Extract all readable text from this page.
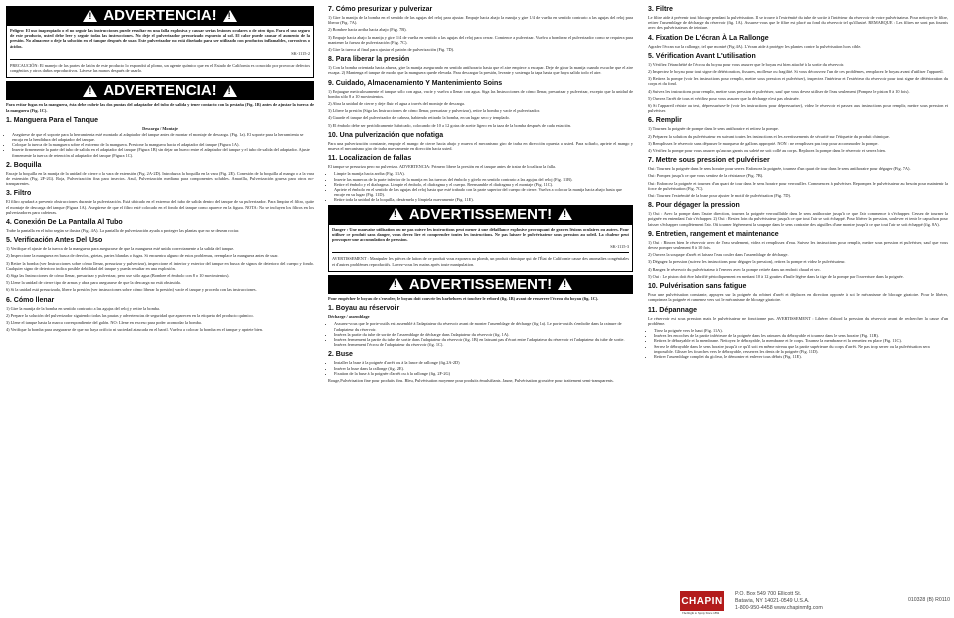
!
ADVERTENCIA!
!

Peligro: El uso inapropiado o el no seguir las instrucciones puede resultar en una falla explosiva y causar serias lesiones oculares o de otro tipo. Para el uso seguro de este producto, usted debe leer y seguir todas las instrucciones. No deje el pulverizador presurizado expuesto al sol. El calor puede causar el aumento de la presión. No almacene o deje la solución en el tanque después de usar. Este pulverizador no está diseñado para ser utilizado con productos inflamables, corrosivos o ácidos.

SK-1115-2

PRECAUCIÓN: El manejo de las partes de latón de este producto lo expondrá al plomo, un agente químico que en el Estado de California es conocido por provocar defectos congénitos y otros daños reproductivos. Lávese las manos después de usarlo.

!
ADVERTENCIA!
!

Para evitar fugas en la manguera, ésta debe cubrir las dos puntas del adaptador del tubo de salida y tener contacto con la pestaña (Fig. 1B) antes de ajustar la tuerca de la manguera (Fig. 1C).

1. Manguera Para el Tanque
Descarga / Montaje
• Asegúrese de que el soporte para la herramienta esté montado al adaptador del tanque antes de montar el montaje de descarga. (Fig. 1a). El soporte para la herramienta se encaja en la hendidura del adaptador del tanque.
• Coloque la tuerca de la manguera sobre el extremo de la manguera. Presione la manguera hacia el adaptador del tanque (Figura 1A).
• Inserte firmemente la parte del tubo de salida en el adaptador del tanque (Figura 1B) sin dejar un hueco entre el adaptador del tanque y el tubo de salida del adaptador. Ajuste firmemente la tuerca de retención al adaptador del tanque (Figura 1C).
2. Boquilla

Encaje la boquilla en la manija de la unidad de cierre o la vara de extensión (Fig. 2A-2D). Introduzca la boquilla en la vara (Fig. 2E). Conexión de la boquilla al mango o a la vara de extensión (Fig. 2F-2G). Roja, Pulverización fina para insectos. Azul, Pulverización mediana para componentes solubles. Amarilla, Pulverización gruesa para otros no-transparentes.

3. Filtro

El filtro ayudará a prevenir obstrucciones durante la pulverización. Está ubicado en el extremo del tubo de salida dentro del tanque de su pulverizador. Para limpiar el filtro, quite el montaje de descarga del tanque (Figura 1A). Asegúrese de que el filtro esté colocado en el fondo del tanque como aparece en la figura. NOTA: No se incluyen los filtros en los pulverizadores para cafeteras.

4. Conexión De La Pantalla Al Tubo

Trabe la pantalla en el tubo según se ilustra (Fig. 4A). La pantalla de pulverización ayuda a proteger las plantas que no se desean rociar.

5. Verificación Antes Del Uso

1) Verifique el ajuste de la tuerca de la manguera para asegurarse de que la manguera esté unida correctamente a la salida del tanque.

2) Inspeccione la manguera en busca de desvíos, grietas, partes blandas o fugas. Si encuentra alguno de estos problemas, reemplace la manguera antes de usar.

3) Retire la bomba (ver Instrucciones sobre cómo llenar, presurizar y pulverizar), inspeccione el interior y exterior del tanque en busca de signos de deterioro del cuerpo y fondo. Cualquier signo de deterioro indica posible debilidad del tanque y pueda resultar en una explosión.

4) Siga las Instrucciones de cómo llenar, presurizar y pulverizar, pero use sólo agua (Bombee el émbolo con 8 o 10 movimientos).

5) Llene la unidad de cierre tipo de armas y abra para asegurarse de que la descarga no está obstruida.

6) Si la unidad está presurizada, libere la presión (ver instrucciones sobre cómo liberar la presión) vacíe el tanque y proceda con las instrucciones.

6. Cómo llenar

1) Gire la manija de la bomba en sentido contrario a las agujas del reloj y retire la bomba.

2) Prepare la solución del pulverizador siguiendo todas las pautas y advertencias de seguridad que aparecen en la etiqueta del producto químico.

3) Llene el tanque hasta la marca correspondiente del galón. NO: Llene en exceso para poder acomodar la bomba.

4) Verifique la bomba para asegurarse de que no haya orificio ni suciedad atascada en el barril. Vuelva a colocar la bomba en el tanque y apriete bien.

7. Cómo presurizar y pulverizar

1) Gire la manija de la bomba en el sentido de las agujas del reloj para ajustar. Empuje hacia abajo la manija y gire 1/4 de vuelta en sentido contrario a las agujas del reloj para liberar (Fig. 7A).

2) Bombee hacia arriba hacia abajo (Fig. 7B).

3) Empuje hacia abajo la manija y gire 1/4 de vuelta en sentido a las agujas del reloj para cerrar. Comience a pulverizar. Vuelva a bombear el pulverizador como se requiera para mantener la fuerza de pulverización (Fig. 7C).

4) Gire la tuerca al final para ajustar el patrón de pulverización (Fig. 7D).

8. Para liberar la presión

1) Con la bomba orientada hacia afuera, gire la manija asegurando en sentido antihorario hasta que el aire empiece a escapar. Deje de girar la manija cuando escuche que el aire escapa. 2) Mantenga el tanque de modo que la manguera quede elevada. Para descargar la presión, levante y sostenga la tapa hasta que haya salido todo el aire.

9. Cuidado, Almacenamiento Y Mantenimiento Soins

1) Enjuague meticulosamente el tanque sólo con agua, vacíe y vuelva a llenar con agua. Siga las Instrucciones de cómo llenar, presurizar y pulverizar, excepto que la unidad de bomba sólo 8 a 10 movimientos.

2) Abra la unidad de cierre y deje fluir el agua a través del montaje de descarga.

3) Libere la presión (Siga las Instrucciones de cómo llenar, presurizar y pulverizar), retire la bomba y vacíe el pulverizador.

4) Guarde el tanque del pulverizador de cabeza, habiendo retirado la bomba, en un lugar seco y templado.

5) El émbolo debe ser periódicamente lubricado, colocando de 10 a 12 gotas de aceite ligero en la taza de la bomba después de cada estación.

10. Una pulverización que nofatiga

Para una pulverización constante, empuje el mango de cierre hacia abajo y mueva el mecanismo giro de traba en dirección opuesta a usted. Para soltarlo, apriete el mango y mueva el mecanismo giro de traba nuevamente en dirección hacia usted.

11. Localizacion de fallas

El tanque se presuriza pero no pulveriza. ADVERTENCIA: Primero libere la presión en el tanque antes de tratar de localizar la falla.

• Limpie la manija hacia arriba (Fig. 11A).
• Inserte las manecas de la parte inferior de la manija en las tuercas del émbolo y gírelo en sentido contrario a las agujas del reloj (Fig. 11B).
• Retire el émbolo y el diafragma. Limpie el émbolo, el diafragma y el cuerpo. Reensamble el diafragma y el montaje (Fig. 11C).
• Apriete el émbolo en el sentido de las agujas del reloj hasta que esté trabado con la parte superior del cuerpo de cierre. Vuelva a colocar la manija hacia abajo hasta que encaje en su lugar (Fig. 11D).
• Retire toda la unidad de la boquilla, desármela y límpiela nuevamente (Fig. 11E).
!
ADVERTISSEMENT!
!

Danger : Une mauvaise utilisation ou ne pas suivre les instructions peut mener à une défaillance explosive provoquant de graves lésions oculaires ou autres. Pour utiliser ce produit sans danger, vous devez lire et comprendre toutes les instructions. Ne pas laisser le pulvérisateur sous pression au soleil. La chaleur peut provoquer une accumulation de pression.

SK-1115-3

AVERTISSEMENT : Manipuler les pièces de laiton de ce produit vous exposera au plomb, un produit chimique qui de l'État de Californie cause des anomalies congénitales et d'autres problèmes reproductifs. Lavez-vous les mains après toute manipulation.

!
ADVERTISSEMENT!
!

Pour empêcher le boyau de s'envoler, le boyau doit couvrir les barbelures et toucher le rebord (fig. 1B) avant de resserrer l'écrou du boyau (fig. 1C).

1. Boyau au réservoir
Décharge / assemblage
• Assurez-vous que le porte-outils est assemblé à l'adaptateur du réservoir avant de monter l'assemblage de décharge (fig 1a). Le porte-outils s'emboîte dans la rainure de l'adaptateur du réservoir.
• Insérez la partie du tube de sortie de l'assemblage de décharge dans l'adaptateur du réservoir (fig. 1A).
• Insérez fermement la partie du tube de sortie dans l'adaptateur du réservoir (fig. 1B) en laissant pas d'écart entre l'adaptateur du réservoir et l'adaptateur du tube de sortie. Insérez fermement l'écrou de l'adaptateur du réservoir (fig. 1C).
2. Buse
• Installer la buse à la poignée d'arrêt ou à la lance de rallonge (fig.2A-2D)
• Insérer la buse dans la rallonge (fig. 2E).
• Fixation de la buse à la poignée d'arrêt ou à la rallonge (fig. 2F-2G)

Rouge,Pulvérisation fine pour produits fins. Bleu, Pulvérisation moyenne pour produits émulsifiants. Jaune, Pulvérisation grossière pour traitement semi-transparents.

3. Filtre

Le filtre aide à prévenir tout blocage pendant la pulvérisation. Il se trouve à l'extrémité du tube de sortie à l'intérieur du réservoir de votre pulvérisateur. Pour nettoyer le filtre, retirer l'assemblage de décharge du réservoir (fig. 1A). Assurez-vous que le filtre est placé au fond du réservoir tel qu'illustré. REMARQUE : Les filtres ne sont pas fournis avec des pulvérisateurs de teinture.

4. Fixation De L'écran À La Rallonge

Agrafer l'écran sur la rallonge, tel que montré (Fig 4A). L'écran aide à protéger les plantes contre la pulvérisation hors cible.

5. Vérification Avant L'utilisation

1) Vérifiez l'étanchéité de l'écrou du boyau pour vous assurer que le boyau est bien attaché à la sortie du réservoir.

2) Inspectez le boyau pour tout signe de détérioration, fissures, mollesse ou fragilité. Si vous découvrez l'un de ces problèmes, remplacez le boyau avant d'utiliser l'appareil.

3) Retirez la pompe (voir les instructions pour remplir, mettre sous pression et pulvériser), inspectez l'intérieur et l'extérieur du réservoir pour tout signe de détérioration du corps et du fond.

4) Suivez les instructions pour remplir, mettre sous pression et pulvériser, sauf que vous devez utiliser de l'eau seulement (Pompez le piston 8 à 10 fois).

5) Ouvrez l'arrêt de tous et vérifiez pour vous assurer que la décharge n'est pas obstruée.

6) Si l'appareil résiste au test, dépressurisez-le (voir les instructions pour dépressuriser), videz le réservoir et passez aux instructions pour remplir, mettre sous pression et pulvériser.

6. Remplir

1) Tournez la poignée de pompe dans le sens antihoraire et retirez la pompe.

2) Préparez la solution du pulvérisateur en suivant toutes les instructions et les avertissements de sécurité sur l'étiquette du produit chimique.

3) Remplissez le réservoir sans dépasser le marqueur de gallons approprié. NON : ne remplissez pas trop pour accommoder la pompe.

4) Vérifiez la pompe pour vous assurer qu'aucun garnis ou saleté ne soit collé au corps. Replacez la pompe dans le réservoir et serrez bien.

7. Mettre sous pression et pulvériser

Oui: Tournez la poignée dans le sens horaire pour serrer. Enfoncez la poignée, tournez d'un quart de tour dans le sens antihoraire pour dégager (Fig. 7A).

Oui: Pompez jusqu'à ce que vous sentiez de la résistance (Fig. 7B).

Oui: Enfoncez la poignée et tournez d'un quart de tour dans le sens horaire pour verrouiller. Commencez à pulvériser. Repompez le pulvérisateur au besoin pour maintenir la force de pulvérisation (Fig. 7C).

Oui: Tournez l'extrémité de la buse pour ajuster le motif de pulvérisation (Fig. 7D).

8. Pour dégager la pression

1) Oui : Avec la pompe dans l'autre direction, tournez la poignée verrouillable dans le sens antihoraire jusqu'à ce que l'air commence à s'échapper. Cessez de tourner la poignée en entendant l'air s'échapper. 2) Oui : Restez loin du pulvérisateur jusqu'à ce que tout l'air se soit échappé. Pour libérer la pression, soulever et tenir le capuchon pour laisser s'échapper complètement l'air. Oû tourner légèrement la soupape dans le sens contraire des aiguilles d'une montre jusqu'à ce que tout l'air se soit échappé (fig. 8A).

9. Entretien, rangement et maintenance

1) Oui : Rincez bien le réservoir avec de l'eau seulement, videz et remplissez d'eau. Suivez les instructions pour remplir, mettre sous pression et pulvériser, sauf que vous devez pomper seulement 8 à 10 fois.

2) Ouvrez la soupape d'arrêt et laissez l'eau couler dans l'assemblage de décharge.

3) Dégagez la pression (suivez les instructions pour dégager la pression), retirez la pompe et videz le pulvérisateur.

4) Rangez le réservoir du pulvérisateur à l'envers avec la pompe retirée dans un endroit chaud et sec.

5) Oui : Le piston doit être lubrifié périodiquement en mettant 10 à 12 gouttes d'huile légère dans la tige de la pompe par l'ouverture dans la poignée.

10. Pulvérisation sans fatigue

Pour une pulvérisation constante, appuyez sur la poignée du robinet d'arrêt et déplacez en direction opposée à soi le mécanisme de blocage giratoire. Pour le libérer, comprimez la poignée et ramenez vers soi le mécanisme de blocage giratoire.

11. Dépannage

Le réservoir est sous pression mais le pulvérisateur ne fonctionne pas. AVERTISSEMENT : Libérer d'abord la pression du réservoir avant de rechercher la cause d'un problème.

• Tirez la poignée vers le haut (Fig. 11A).
• Insérez les encoches de la partie inférieure de la poignée dans les rainures du débrayable et tournez dans le sens horaire (Fig. 11B).
• Retirez le débrayable et la membrane. Nettoyez le débrayable, la membrane et le corps. Tournez la membrane et la remettez en place (Fig. 11C).
• Serrez le débrayable dans le sens horaire jusqu'à ce qu'il soit en même niveau que la partie supérieure du corps d'arrêt. Ne pas trop serrer ou la pulvérisation sera impossible. Glisser les fourches vers le débrayable, resserrez les dents de la poignée (Fig. 11D).
• Retirer l'assemblage complet du gicleur, le démonter et enlever tous débris (Fig. 11E).
CHAPIN
The Right to Spray Since 1884
P.O. Box 549 700 Ellicott St.
Batavia, NY 14021-0549 U.S.A.
1-800-950-4458 www.chapinmfg.com
010328 (B) R0110
